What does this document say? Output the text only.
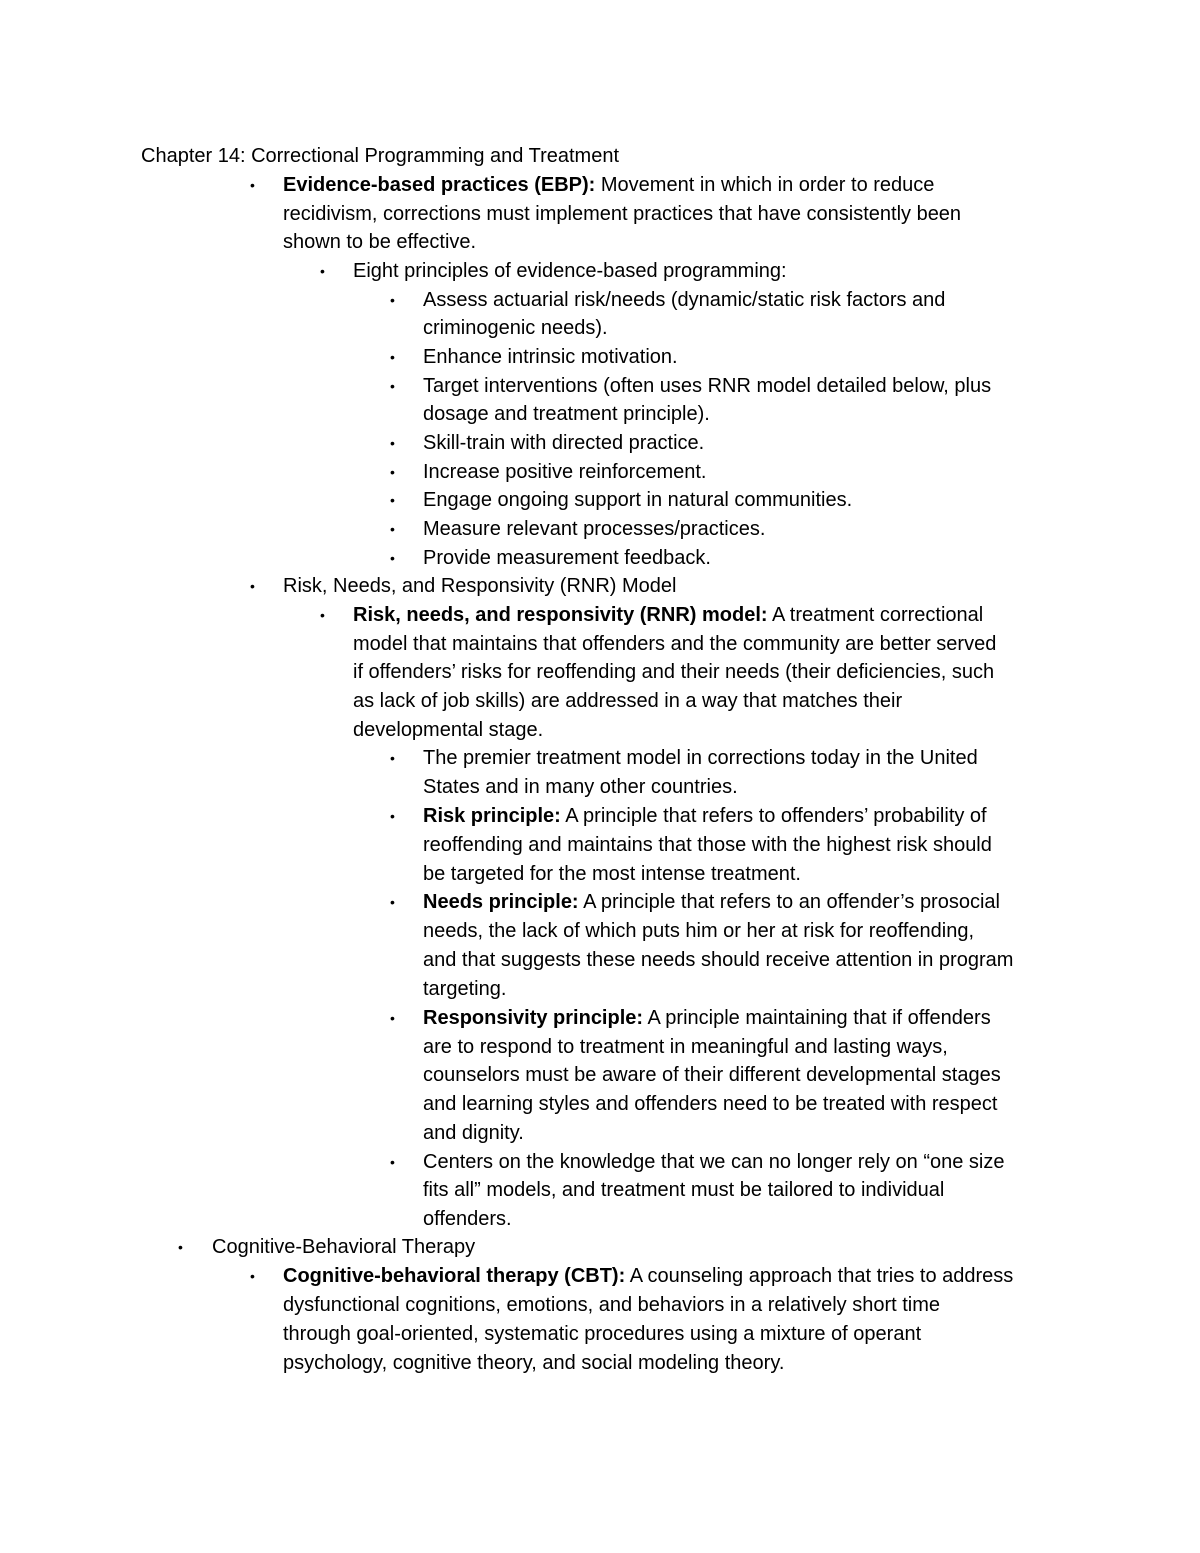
Chapter 14: Correctional Programming and Treatment
• Evidence-based practices (EBP): Movement in which in order to reduce
recidivism, corrections must implement practices that have consistently been
shown to be effective.
• Eight principles of evidence-based programming:
• Assess actuarial risk/needs (dynamic/static risk factors and
criminogenic needs).
• Enhance intrinsic motivation.
• Target interventions (often uses RNR model detailed below, plus
dosage and treatment principle).
• Skill-train with directed practice.
• Increase positive reinforcement.
• Engage ongoing support in natural communities.
• Measure relevant processes/practices.
• Provide measurement feedback.
• Risk, Needs, and Responsivity (RNR) Model
• Risk, needs, and responsivity (RNR) model: A treatment correctional
model that maintains that offenders and the community are better served
if offenders’ risks for reoffending and their needs (their deficiencies, such
as lack of job skills) are addressed in a way that matches their
developmental stage.
• The premier treatment model in corrections today in the United
States and in many other countries.
• Risk principle: A principle that refers to offenders’ probability of
reoffending and maintains that those with the highest risk should
be targeted for the most intense treatment.
• Needs principle: A principle that refers to an offender’s prosocial
needs, the lack of which puts him or her at risk for reoffending,
and that suggests these needs should receive attention in program
targeting.
• Responsivity principle: A principle maintaining that if offenders
are to respond to treatment in meaningful and lasting ways,
counselors must be aware of their different developmental stages
and learning styles and offenders need to be treated with respect
and dignity.
• Centers on the knowledge that we can no longer rely on “one size
fits all” models, and treatment must be tailored to individual
offenders.
• Cognitive-Behavioral Therapy
• Cognitive-behavioral therapy (CBT): A counseling approach that tries to address
dysfunctional cognitions, emotions, and behaviors in a relatively short time
through goal-oriented, systematic procedures using a mixture of operant
psychology, cognitive theory, and social modeling theory.
